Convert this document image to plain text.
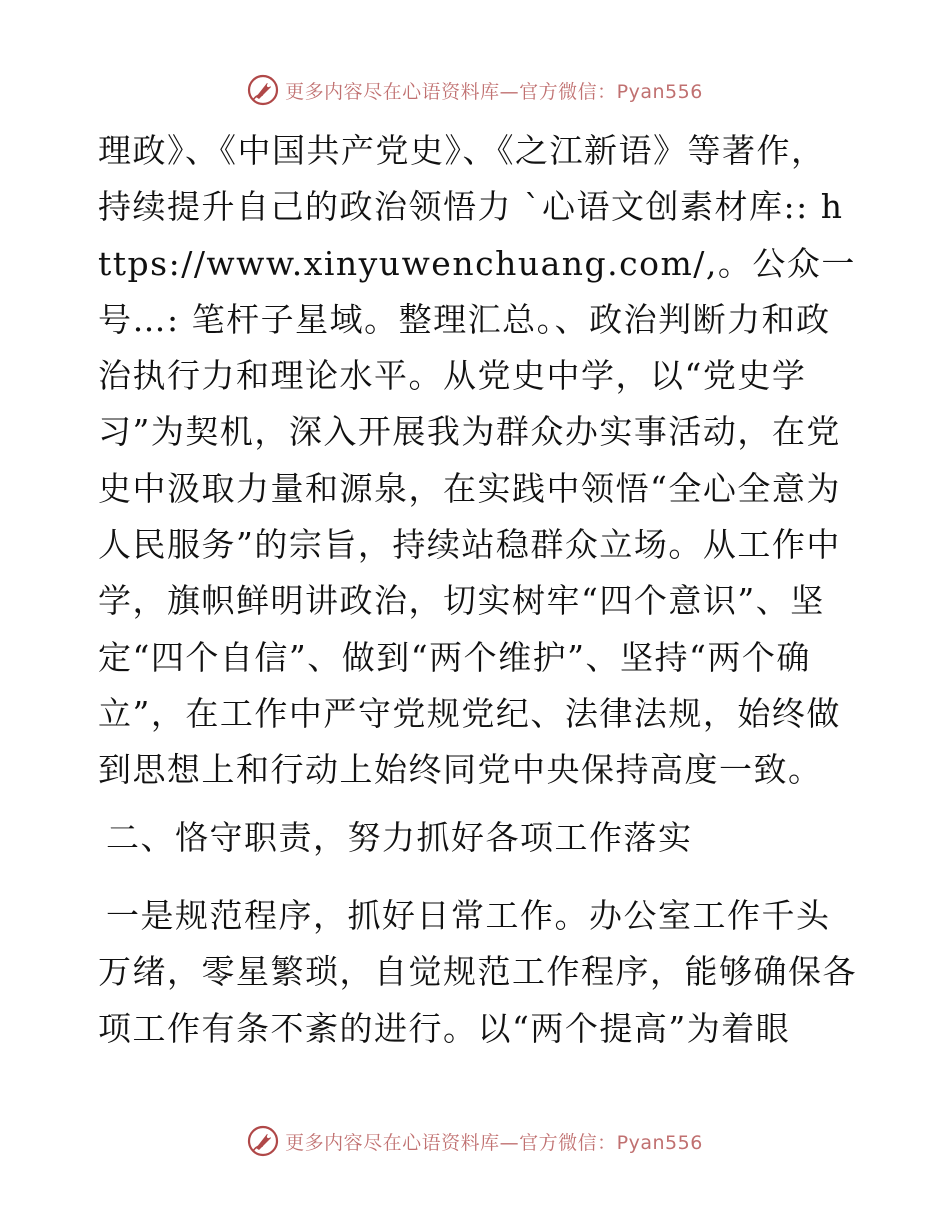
更多内容尽在心语资料库—官方微信：Pyan556

理政》、《中国共产党史》、《之江新语》等著作，持续提升自己的政治领悟力 `心语文创素材库:: https://www.xinyuwenchuang.com/,。公众一号…: 笔杆子星域。整理汇总。、政治判断力和政治执行力和理论水平。从党史中学，以“党史学习”为契机，深入开展我为群众办实事活动，在党史中汲取力量和源泉，在实践中领悟“全心全意为人民服务”的宗旨，持续站稳群众立场。从工作中学，旗帜鲜明讲政治，切实树牢“四个意识”、坚定“四个自信”、做到“两个维护”、坚持“两个确立”，在工作中严守党规党纪、法律法规，始终做到思想上和行动上始终同党中央保持高度一致。

二、恪守职责，努力抓好各项工作落实

一是规范程序，抓好日常工作。办公室工作千头万绪，零星繁琐，自觉规范工作程序，能够确保各项工作有条不紊的进行。以“两个提高”为着眼

更多内容尽在心语资料库—官方微信：Pyan556
